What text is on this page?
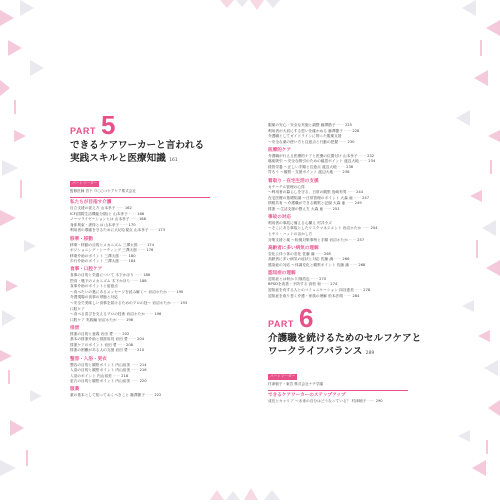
PART 5
できるケアワーカーと言われる
実践スキルと医療知識 161
パートリーダー
監修医師 宮下 ０○○コケアケア株式会社
私たちが目指す介護
自立支援の捉え方 山本孝子 ······ 162
ICF(国際生活機能分類)と 山本孝子 ······ 166
ノーマライゼーションとは 山本孝子 ······ 168
身体拘束・虐待とは 山本孝子 ······ 170
利用者の尊厳を守るために大切な視点 山本孝子 ······ 173
移乗・移動
移乗・移動の目的とメカニズム 三澤太郎 ······ 174
ポジショニング・シーティング 三澤太郎 ······ 176
移乗介助のポイント 三澤太郎 ······ 180
歩行介助のポイント 三澤太郎 ······ 184
食事・口腔ケア
食事の目的と栄養について 木下かほり ······ 186
摂食・嚥下のメカニズム 木下かほり ······ 188
食事介助のポイントと留意点
〜食べたいの裏にあるメッセージを読み解く〜 岩沼ホたか ······ 190
介護現場の食事の形態と対応
〜安全で美味しい食事を届けるためのプロの技〜 岩沼ホたか ······ 193
口腔ケア
〜食べる喜びを支えるプロの技術 岩沼ホたか ······ 196
口腔ケア 実践編 岩沼ホたか ······ 198
排泄
排泄の目的と意義 岩田 愛 ······ 202
基本の排泄介助と排泄用具 岩田 愛 ······ 204
排泄ケアのポイント 岩田 愛 ······ 208
排泄の困難がある人の支援 岩田 愛 ······ 210
整容・入浴・更衣
整容の目的と観察ポイント 内山裕美 ······ 214
入浴の目的と観察ポイント 内山裕美 ······ 216
入浴のポイント 内山裕美 ······ 218
更衣の目的と観察ポイント 内山裕美 ······ 220
服薬
薬の基本として知っておくべきこと 藤澤節子 ······ 222
服薬の安心・安全な実施と調整 藤澤節子 ······ 225
利用者が大切にする思いを確かめる 藤澤節子 ······ 228
介護職としてガイドラインに則った服薬支援
〜安全な薬の使い方と注意点と行動の把握 ······ 230
医療的ケア
介護職が行える医療的ケアと医療の位置付け 山本孝子 ······ 232
喀痰吸引 〜安全な吸引のための確認ポイント 渡辺大地 ······ 234
経管栄養 〜正しい手順と注意点 渡辺大地 ······ 236
胃ろう 〜観察・支援ポイント 渡辺大地 ······ 238
看取り・在宅生活の支援
カテーテル管理の心得
〜利用者の暮らしを守る、日常の観察 島崎有男 ······ 244
在宅医療の基礎知識 〜日常管理のポイント 大森 亜 ······ 247
情報共有 〜介護職ができる観察と記録 大森 亜 ······ 249
排泄 〜生活支援の整え方 大森 亜 ······ 251
事故の対応
利用者の事故に備える心構え 村井小ズ
〜そこにある事故としたリスクマネジメント 岩沼ホたか ······ 254
ヒヤリ・ハットの活かし方
対策支援と薬 〜転倒対策事例と手順 岩沼ホたか ······ 257
高齢者に多い病気の理解
変化に伴う体の変化 佐藤 満 ······ 265
高齢者に多い病気の症状と対応 佐藤 満 ······ 266
感染症の対応 〜体調変化と観察ポイント 佐藤 満 ······ 268
認知症の理解
認知症とは何か 川畑浩也 ······ 270
BPSDを改善・予防する 高松 和 ······ 274
認知症を有する人とのコミュニケーション 四谷達美 ······ 278
認知症を取り巻く介護・家族の理解 松本法明 ······ 284
PART 6
介護職を続けるためのセルフケアと
ワークライフバランス 289
パートリーダー
村津朝子・東宮 株式会社ナチ学園
できるケアワーカーのステップアップ
成長とキャリア 〜未来の自分はどうなっている？ 村津朝子 ······ 290
